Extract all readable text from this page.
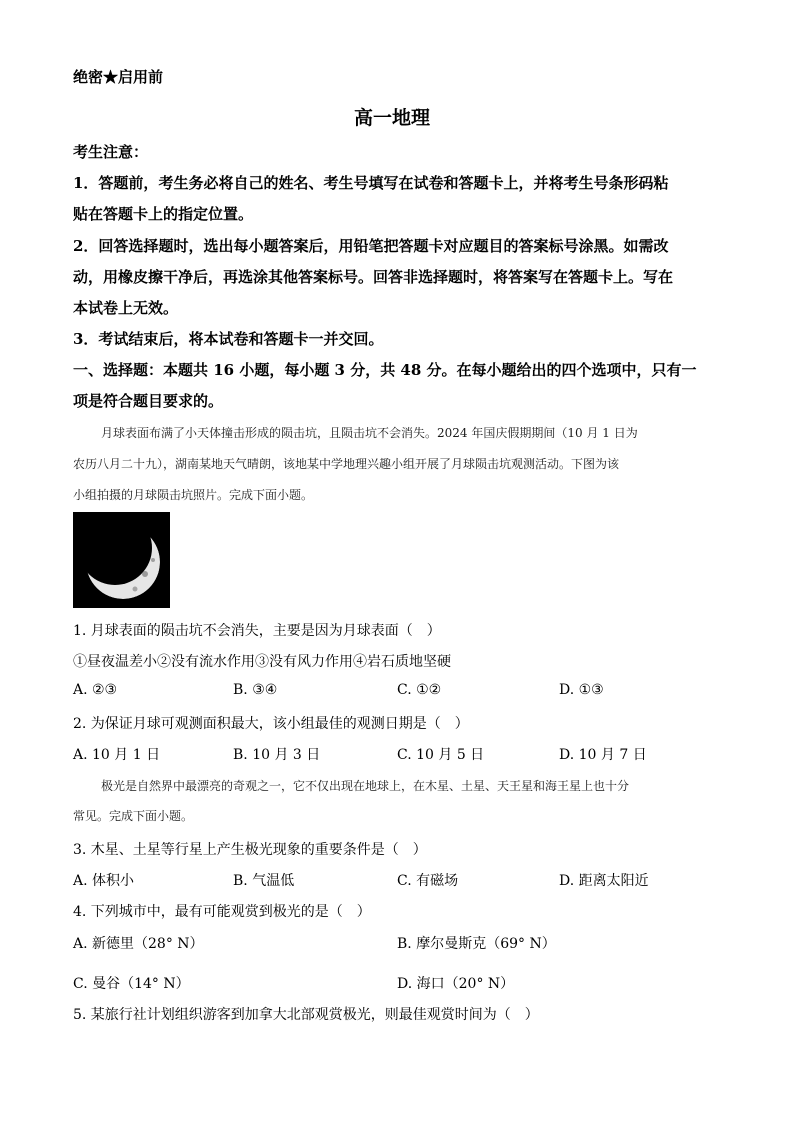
绝密★启用前
高一地理
考生注意：
1．答题前，考生务必将自己的姓名、考生号填写在试卷和答题卡上，并将考生号条形码粘
贴在答题卡上的指定位置。
2．回答选择题时，选出每小题答案后，用铅笔把答题卡对应题目的答案标号涂黑。如需改
动，用橡皮擦干净后，再选涂其他答案标号。回答非选择题时，将答案写在答题卡上。写在
本试卷上无效。
3．考试结束后，将本试卷和答题卡一并交回。
一、选择题：本题共 16 小题，每小题 3 分，共 48 分。在每小题给出的四个选项中，只有一
项是符合题目要求的。
月球表面布满了小天体撞击形成的陨击坑，且陨击坑不会消失。2024 年国庆假期期间（10 月 1 日为
农历八月二十九），湖南某地天气晴朗，该地某中学地理兴趣小组开展了月球陨击坑观测活动。下图为该
小组拍摄的月球陨击坑照片。完成下面小题。
1. 月球表面的陨击坑不会消失，主要是因为月球表面（　）
①昼夜温差小②没有流水作用③没有风力作用④岩石质地坚硬
A. ②③	B. ③④	C. ①②	D. ①③
2. 为保证月球可观测面积最大，该小组最佳的观测日期是（　）
A. 10 月 1 日	B. 10 月 3 日	C. 10 月 5 日	D. 10 月 7 日
极光是自然界中最漂亮的奇观之一，它不仅出现在地球上，在木星、土星、天王星和海王星上也十分
常见。完成下面小题。
3. 木星、土星等行星上产生极光现象的重要条件是（　）
A. 体积小	B. 气温低	C. 有磁场	D. 距离太阳近
4. 下列城市中，最有可能观赏到极光的是（　）
A. 新德里（28° N）	B. 摩尔曼斯克（69° N）
C. 曼谷（14° N）	D. 海口（20° N）
5. 某旅行社计划组织游客到加拿大北部观赏极光，则最佳观赏时间为（　）
